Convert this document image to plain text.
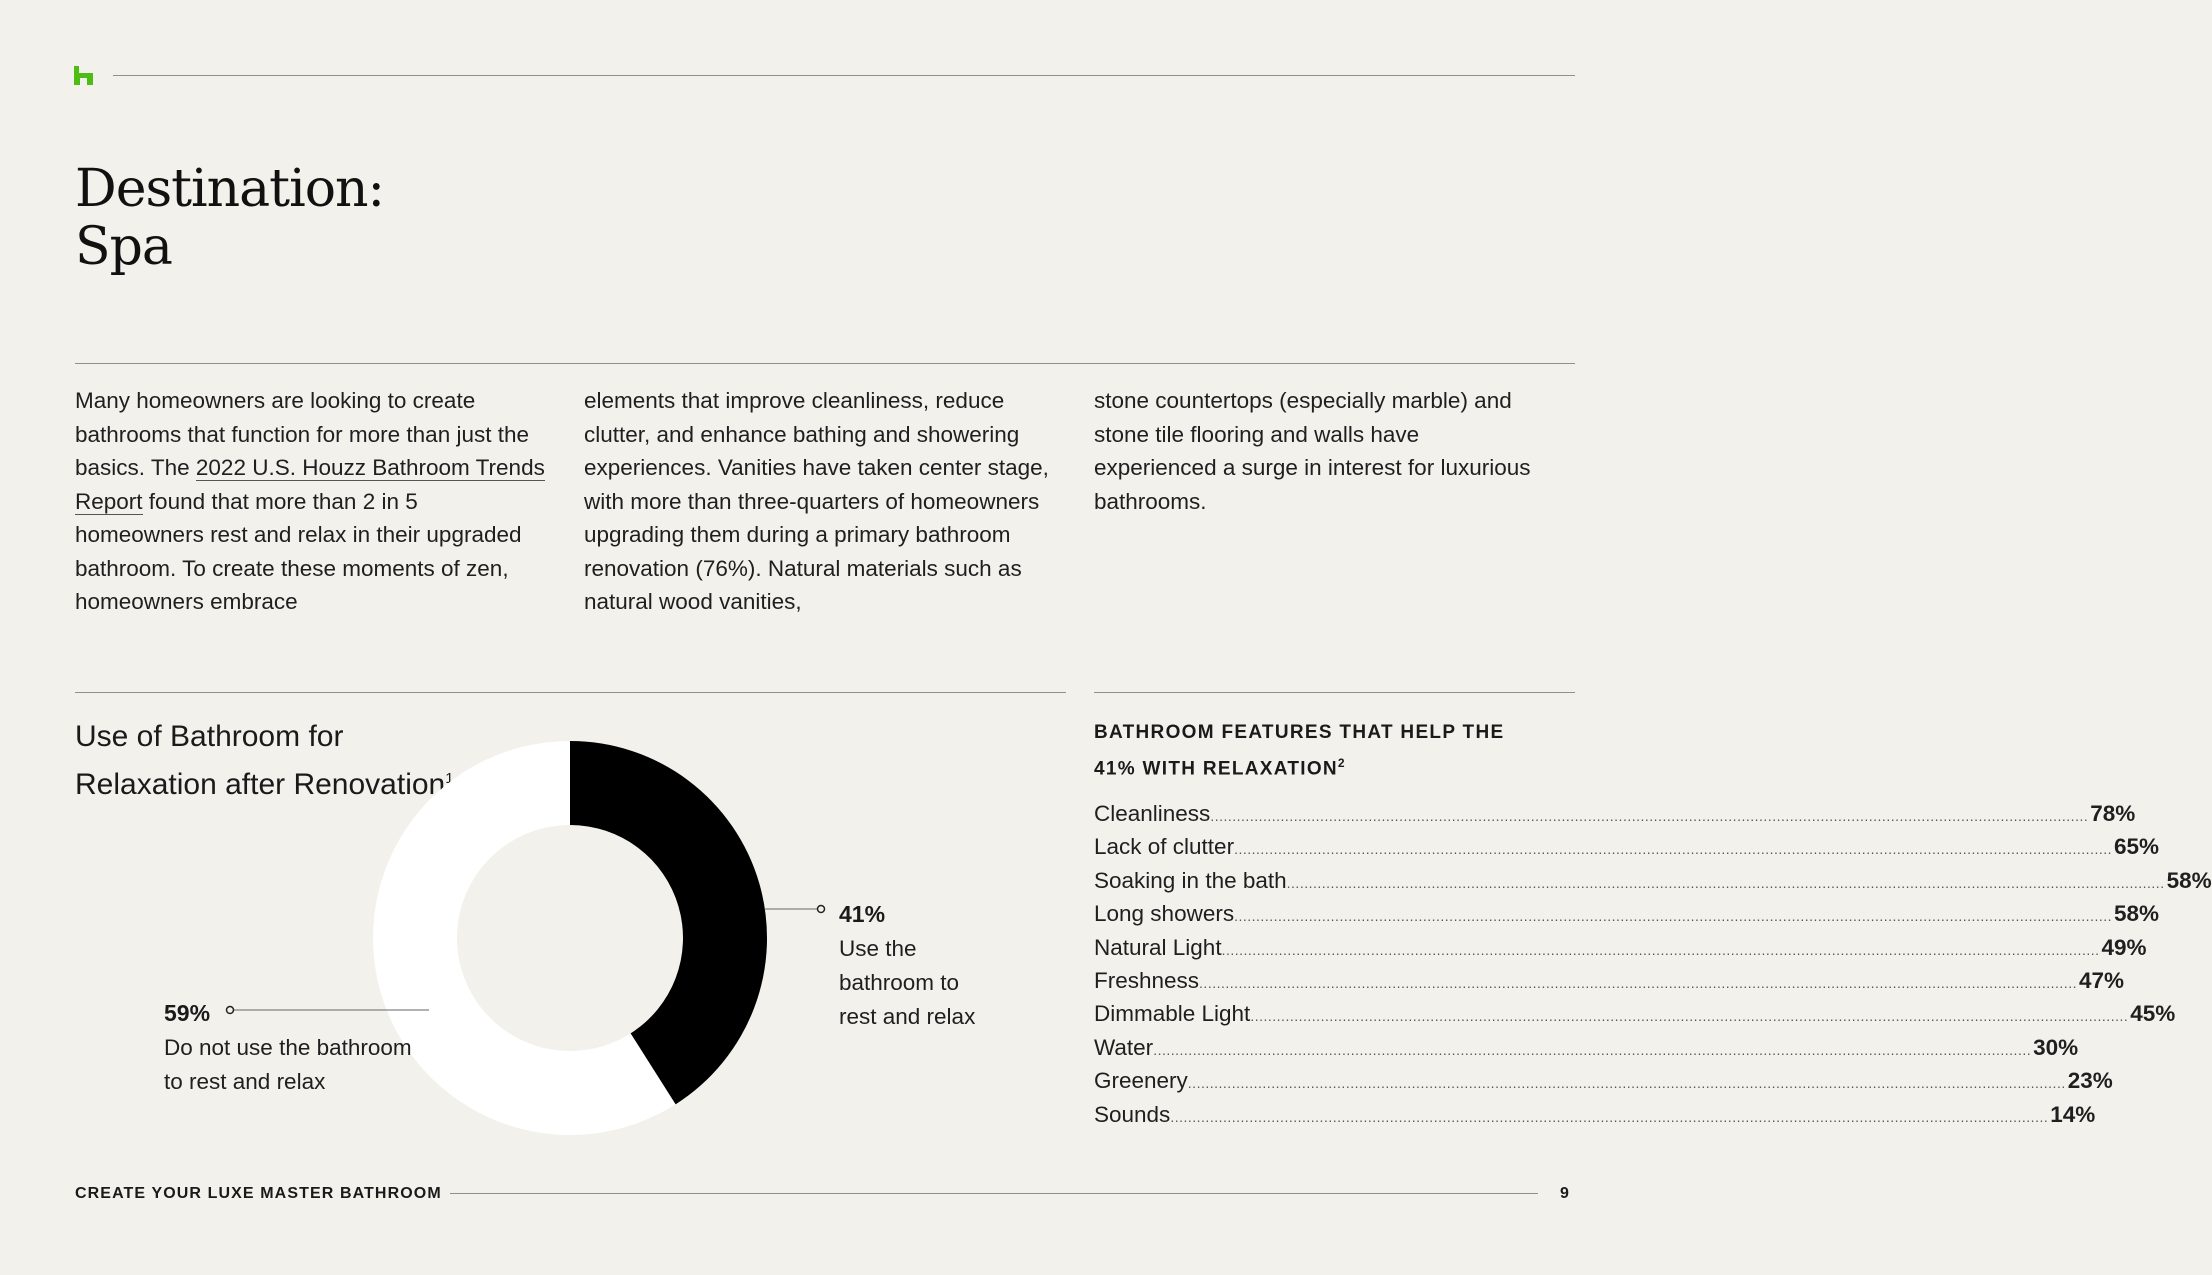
Destination:
Spa

Many homeowners are looking to create bathrooms that function for more than just the basics. The 2022 U.S. Houzz Bathroom Trends Report found that more than 2 in 5 homeowners rest and relax in their upgraded bathroom. To create these moments of zen, homeowners embrace

elements that improve cleanliness, reduce clutter, and enhance bathing and showering experiences. Vanities have taken center stage, with more than three-quarters of homeowners upgrading them during a primary bathroom renovation (76%). Natural materials such as natural wood vanities,

stone countertops (especially marble) and stone tile flooring and walls have experienced a surge in interest for luxurious bathrooms.

Use of Bathroom for
Relaxation after Renovation$^1$
41%
Use the
bathroom to
rest and relax
59%
Do not use the bathroom
to rest and relax
BATHROOM FEATURES THAT HELP THE
41% WITH RELAXATION$^2$
Cleanliness ........................................................................................................................................................................................................ 78%
Lack of clutter ........................................................................................................................................................................................................ 65%
Soaking in the bath ........................................................................................................................................................................................................ 58%
Long showers ........................................................................................................................................................................................................ 58%
Natural Light ........................................................................................................................................................................................................ 49%
Freshness ........................................................................................................................................................................................................ 47%
Dimmable Light ........................................................................................................................................................................................................ 45%
Water ........................................................................................................................................................................................................ 30%
Greenery ........................................................................................................................................................................................................ 23%
Sounds ........................................................................................................................................................................................................ 14%
CREATE YOUR LUXE MASTER BATHROOM	9
